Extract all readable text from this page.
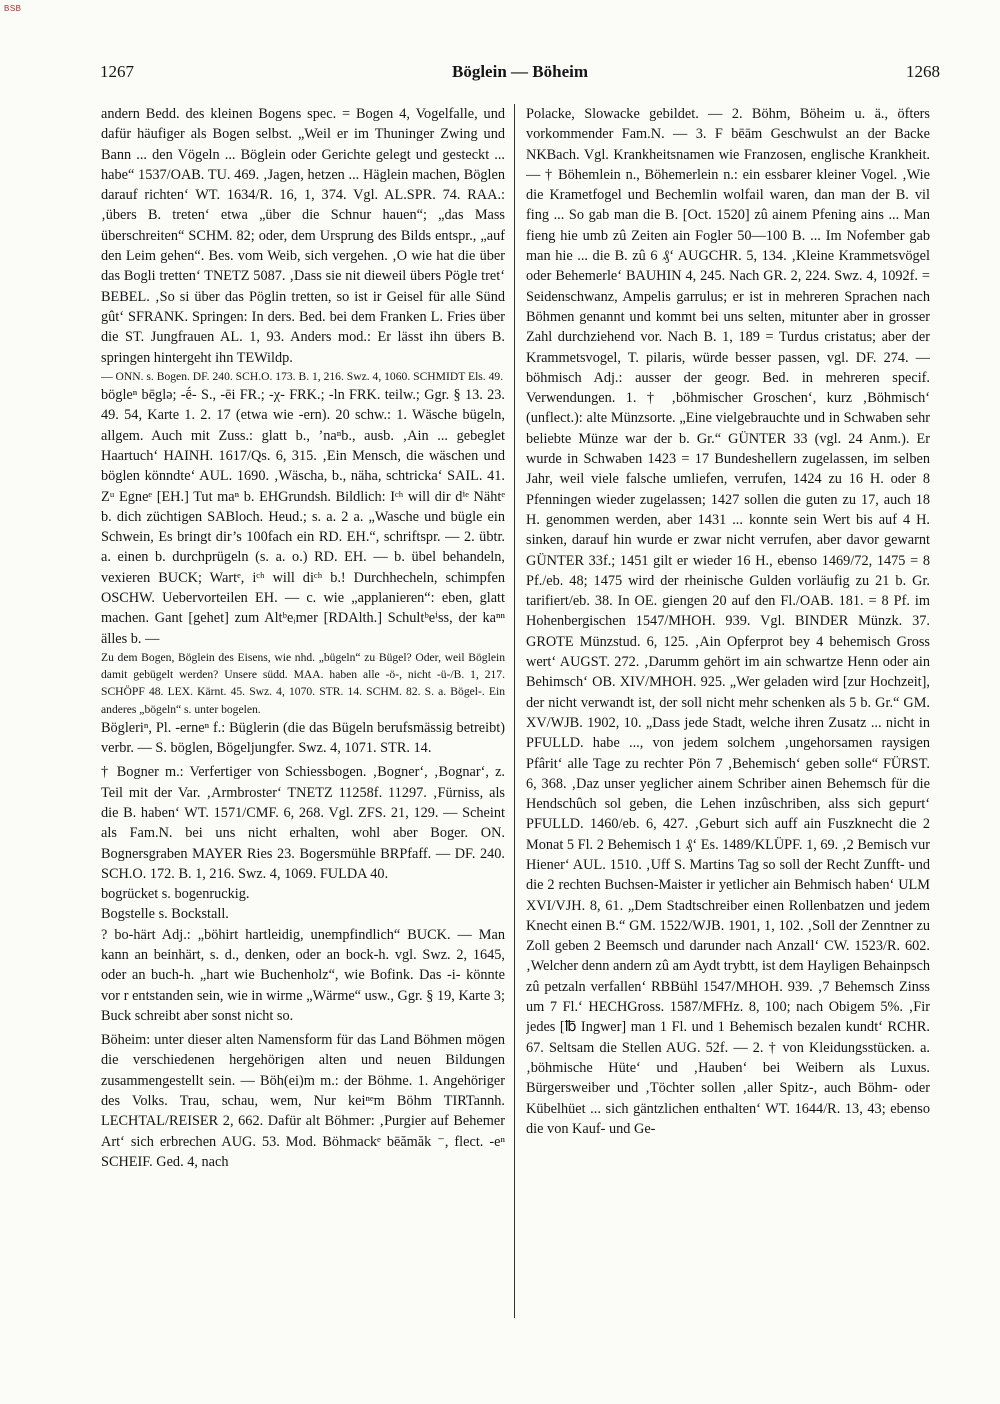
BSB
1267	Böglein — Böheim	1268

andern Bedd. des kleinen Bogens spec. = Bogen 4, Vogelfalle, und dafür häufiger als Bogen selbst. „Weil er im Thuninger Zwing und Bann ... den Vögeln ... Böglein oder Gerichte gelegt und gesteckt ... habe“ 1537/OAB. TU. 469. ‚Jagen, hetzen ... Häglein machen, Böglen darauf richten‘ WT. 1634/R. 16, 1, 374. Vgl. AL.SPR. 74. RAA.: ‚übers B. treten‘ etwa „über die Schnur hauen“; „das Mass überschreiten“ SCHM. 82; oder, dem Ursprung des Bilds entspr., „auf den Leim gehen“. Bes. vom Weib, sich vergehen. ‚O wie hat die über das Bogli tretten‘ TNETZ 5087. ‚Dass sie nit dieweil übers Pögle tret‘ BEBEL. ‚So si über das Pöglin tretten, so ist ir Geisel für alle Sünd gût‘ SFRANK. Springen: In ders. Bed. bei dem Franken L. Fries über die ST. Jungfrauen AL. 1, 93. Anders mod.: Er lässt ihn übers B. springen hintergeht ihn TEWildp.

— ONN. s. Bogen. DF. 240. SCH.O. 173. B. 1, 216. Swz. 4, 1060. SCHMIDT Els. 49.

bögleⁿ bēglə; -ḗ- S., -ēi FR.; -χ- FRK.; -ln FRK. teilw.; Ggr. § 13. 23. 49. 54, Karte 1. 2. 17 (etwa wie -ern). 20 schw.: 1. Wäsche bügeln, allgem. Auch mit Zuss.: glatt b., ’naⁿb., ausb. ‚Ain ... gebeglet Haartuch‘ HAINH. 1617/Qs. 6, 315. ‚Ein Mensch, die wäschen und böglen könndte‘ AUL. 1690. ‚Wäscha, b., näha, schtricka‘ SAIL. 41. Zᵘ Egneᵉ [EH.] Tut maⁿ b. EHGrundsh. Bildlich: Iᶜʰ will dir dⁱᵉ Nähtᵉ b. dich züchtigen SABloch. Heud.; s. a. 2 a. „Wasche und bügle ein Schwein, Es bringt dir’s 100fach ein RD. EH.“, schriftspr. — 2. übtr. a. einen b. durchprügeln (s. a. o.) RD. EH. — b. übel behandeln, vexieren BUCK; Wartᵉ, iᶜʰ will diᶜʰ b.! Durchhecheln, schimpfen OSCHW. Uebervorteilen EH. — c. wie „applanieren“: eben, glatt machen. Gant [gehet] zum Altᵇeᵢmer [RDAlth.] Schultᵇeⁱss, der kaⁿⁿ älles b. —

Zu dem Bogen, Böglein des Eisens, wie nhd. „bügeln“ zu Bügel? Oder, weil Böglein damit gebügelt werden? Unsere südd. MAA. haben alle -ö-, nicht -ü-/B. 1, 217. SCHÖPF 48. LEX. Kärnt. 45. Swz. 4, 1070. STR. 14. SCHM. 82. S. a. Bögel-. Ein anderes „bögeln“ s. unter bogelen.

Bögleriⁿ, Pl. -erneⁿ f.: Büglerin (die das Bügeln berufsmässig betreibt) verbr. — S. böglen, Bögeljungfer. Swz. 4, 1071. STR. 14.

† Bogner m.: Verfertiger von Schiessbogen. ‚Bogner‘, ‚Bognar‘, z. Teil mit der Var. ‚Armbroster‘ TNETZ 11258f. 11297. ‚Fürniss, als die B. haben‘ WT. 1571/CMF. 6, 268. Vgl. ZFS. 21, 129. — Scheint als Fam.N. bei uns nicht erhalten, wohl aber Boger. ON. Bognersgraben MAYER Ries 23. Bogersmühle BRPfaff. — DF. 240. SCH.O. 172. B. 1, 216. Swz. 4, 1069. FULDA 40.

bogrücket s. bogenruckig.

Bogstelle s. Bockstall.

? bo-härt Adj.: „böhirt hartleidig, unempfindlich“ BUCK. — Man kann an beinhärt, s. d., denken, oder an bock-h. vgl. Swz. 2, 1645, oder an buch-h. „hart wie Buchenholz“, wie Bofink. Das -i- könnte vor r entstanden sein, wie in wirme „Wärme“ usw., Ggr. § 19, Karte 3; Buck schreibt aber sonst nicht so.

Böheim: unter dieser alten Namensform für das Land Böhmen mögen die verschiedenen hergehörigen alten und neuen Bildungen zusammengestellt sein. — Böh(ei)m m.: der Böhme. 1. Angehöriger des Volks. Trau, schau, wem, Nur keiⁿᵉm Böhm TIRTannh. LECHTAL/REISER 2, 662. Dafür alt Böhmer: ‚Purgier auf Behemer Art‘ sich erbrechen AUG. 53. Mod. Böhmackᵉ bēămăk ⁻, flect. -eⁿ SCHEIF. Ged. 4, nach

Polacke, Slowacke gebildet. — 2. Böhm, Böheim u. ä., öfters vorkommender Fam.N. — 3. F bēām Geschwulst an der Backe NKBach. Vgl. Krankheitsnamen wie Franzosen, englische Krankheit. — † Böhemlein n., Böhemerlein n.: ein essbarer kleiner Vogel. ‚Wie die Krametfogel und Bechemlin wolfail waren, dan man der B. vil fing ... So gab man die B. [Oct. 1520] zû ainem Pfening ains ... Man fieng hie umb zû Zeiten ain Fogler 50—100 B. ... Im Nofember gab man hie ... die B. zû 6 ₰‘ AUGCHR. 5, 134. ‚Kleine Krammetsvögel oder Behemerle‘ BAUHIN 4, 245. Nach GR. 2, 224. Swz. 4, 1092f. = Seidenschwanz, Ampelis garrulus; er ist in mehreren Sprachen nach Böhmen genannt und kommt bei uns selten, mitunter aber in grosser Zahl durchziehend vor. Nach B. 1, 189 = Turdus cristatus; aber der Krammetsvogel, T. pilaris, würde besser passen, vgl. DF. 274. — böhmisch Adj.: ausser der geogr. Bed. in mehreren specif. Verwendungen. 1. † ‚böhmischer Groschen‘, kurz ‚Böhmisch‘ (unflect.): alte Münzsorte. „Eine vielgebrauchte und in Schwaben sehr beliebte Münze war der b. Gr.“ GÜNTER 33 (vgl. 24 Anm.). Er wurde in Schwaben 1423 = 17 Bundeshellern zugelassen, im selben Jahr, weil viele falsche umliefen, verrufen, 1424 zu 16 H. oder 8 Pfenningen wieder zugelassen; 1427 sollen die guten zu 17, auch 18 H. genommen werden, aber 1431 ... konnte sein Wert bis auf 4 H. sinken, darauf hin wurde er zwar nicht verrufen, aber davor gewarnt GÜNTER 33f.; 1451 gilt er wieder 16 H., ebenso 1469/72, 1475 = 8 Pf./eb. 48; 1475 wird der rheinische Gulden vorläufig zu 21 b. Gr. tarifiert/eb. 38. In OE. giengen 20 auf den Fl./OAB. 181. = 8 Pf. im Hohenbergischen 1547/MHOH. 939. Vgl. BINDER Münzk. 37. GROTE Münzstud. 6, 125. ‚Ain Opferprot bey 4 behemisch Gross wert‘ AUGST. 272. ‚Darumm gehört im ain schwartze Henn oder ain Behimsch‘ OB. XIV/MHOH. 925. „Wer geladen wird [zur Hochzeit], der nicht verwandt ist, der soll nicht mehr schenken als 5 b. Gr.“ GM. XV/WJB. 1902, 10. „Dass jede Stadt, welche ihren Zusatz ... nicht in PFULLD. habe ..., von jedem solchem ‚ungehorsamen raysigen Pfârit‘ alle Tage zu rechter Pön 7 ‚Behemisch‘ geben solle“ FÜRST. 6, 368. ‚Daz unser yeglicher ainem Schriber ainen Behemsch für die Hendschûch sol geben, die Lehen inzûschriben, alss sich gepurt‘ PFULLD. 1460/eb. 6, 427. ‚Geburt sich auff ain Fuszknecht die 2 Monat 5 Fl. 2 Behemisch 1 ₰‘ Es. 1489/KLÜPF. 1, 69. ‚2 Bemisch vur Hiener‘ AUL. 1510. ‚Uff S. Martins Tag so soll der Recht Zunfft- und die 2 rechten Buchsen-Maister ir yetlicher ain Behmisch haben‘ ULM XVI/VJH. 8, 61. „Dem Stadtschreiber einen Rollenbatzen und jedem Knecht einen B.“ GM. 1522/WJB. 1901, 1, 102. ‚Soll der Zenntner zu Zoll geben 2 Beemsch und darunder nach Anzall‘ CW. 1523/R. 602. ‚Welcher denn andern zû am Aydt trybtt, ist dem Hayligen Behainpsch zû petzaln verfallen‘ RBBühl 1547/MHOH. 939. ‚7 Behemsch Zinss um 7 Fl.‘ HECHGross. 1587/MFHz. 8, 100; nach Obigem 5%. ‚Fir jedes [℔ Ingwer] man 1 Fl. und 1 Behemisch bezalen kundt‘ RCHR. 67. Seltsam die Stellen AUG. 52f. — 2. † von Kleidungsstücken. a. ‚böhmische Hüte‘ und ‚Hauben‘ bei Weibern als Luxus. Bürgersweiber und ‚Töchter sollen ‚aller Spitz-, auch Böhm- oder Kübelhüet ... sich gäntzlichen enthalten‘ WT. 1644/R. 13, 43; ebenso die von Kauf- und Ge-
